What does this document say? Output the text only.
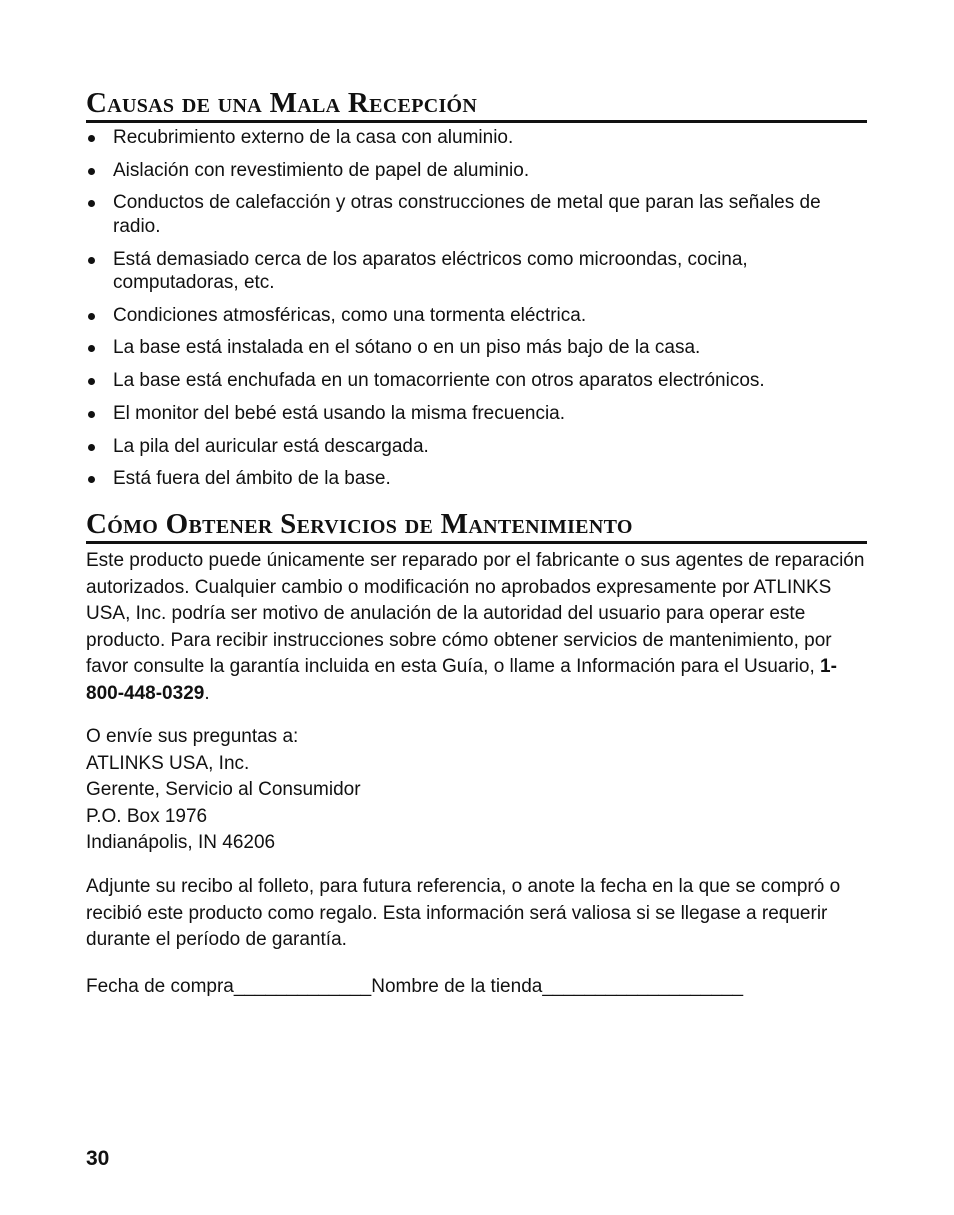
Causas de una Mala Recepción
Recubrimiento externo de la casa con aluminio.
Aislación con revestimiento de papel de aluminio.
Conductos de calefacción y otras construcciones de metal que paran las señales de radio.
Está demasiado cerca de los aparatos eléctricos como microondas, cocina, computadoras, etc.
Condiciones atmosféricas, como una tormenta eléctrica.
La base está instalada en el sótano o en un piso más bajo de la casa.
La base está enchufada en un tomacorriente con otros aparatos electrónicos.
El monitor del bebé está usando la misma frecuencia.
La pila del auricular está descargada.
Está fuera del ámbito de la base.
Cómo Obtener Servicios de Mantenimiento

Este producto puede únicamente ser reparado por el fabricante o sus agentes de reparación autorizados. Cualquier cambio o modificación no aprobados expresamente por ATLINKS USA, Inc. podría ser motivo de anulación de la autoridad del usuario para operar este producto. Para recibir instrucciones sobre cómo obtener servicios de mantenimiento, por favor consulte la garantía incluida en esta Guía, o llame a Información para el Usuario, 1-800-448-0329.

O envíe sus preguntas a:
ATLINKS USA, Inc.
Gerente, Servicio al Consumidor
P.O. Box 1976
Indianápolis, IN 46206

Adjunte su recibo al folleto, para futura referencia, o anote la fecha en la que se compró o recibió este producto como regalo. Esta información será valiosa si se llegase a requerir durante el período de garantía.

Fecha de compra_____________Nombre de la tienda___________________

30
